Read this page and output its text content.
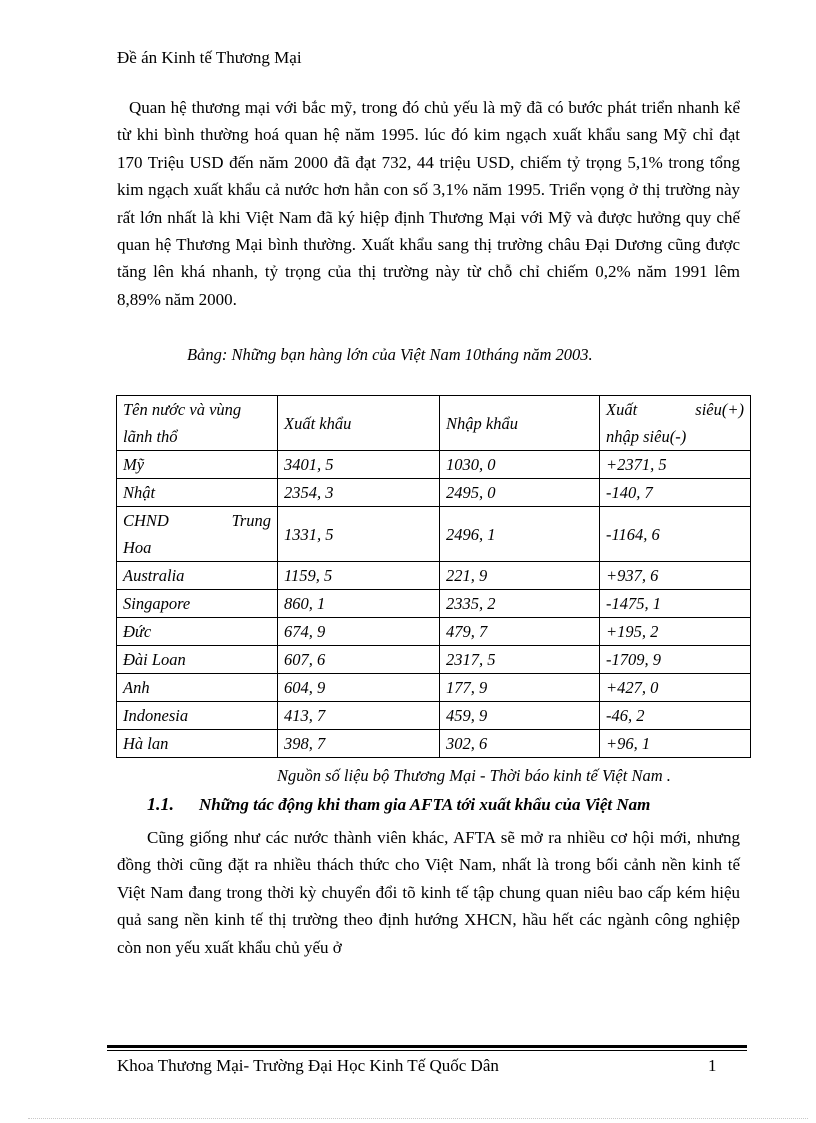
Đề án Kinh tế Thương Mại

Quan hệ thương mại với bắc mỹ, trong đó chủ yếu là mỹ đã có bước phát triển nhanh kể từ khi bình thường hoá quan hệ năm 1995. lúc đó kim ngạch xuất khẩu sang Mỹ chỉ đạt 170 Triệu USD đến năm 2000 đã đạt 732, 44 triệu USD, chiếm tỷ trọng 5,1% trong tổng kim ngạch xuất khẩu cả nước hơn hẳn con số 3,1% năm 1995. Triển vọng ở thị trường này rất lớn nhất là khi Việt Nam đã ký hiệp định Thương Mại với Mỹ và được hưởng quy chế quan hệ Thương Mại bình thường. Xuất khẩu sang thị trường châu Đại Dương cũng được tăng lên khá nhanh, tỷ trọng của thị trường này từ chỗ chỉ chiếm 0,2% năm 1991 lêm 8,89% năm 2000.

Bảng: Những bạn hàng lớn của Việt Nam 10tháng năm 2003.
Tên nước và vùng lãnh thổ	Xuất khẩu	Nhập khẩu	Xuất siêu(+)
nhập siêu(-)

Mỹ	3401, 5	1030, 0	+2371, 5
Nhật	2354, 3	2495, 0	-140, 7

CHND Trung
Hoa	1331, 5	2496, 1	-1164, 6
Australia	1159, 5	221, 9	+937, 6
Singapore	860, 1	2335, 2	-1475, 1
Đức	674, 9	479, 7	+195, 2
Đài Loan	607, 6	2317, 5	-1709, 9
Anh	604, 9	177, 9	+427, 0
Indonesia	413, 7	459, 9	-46, 2
Hà lan	398, 7	302, 6	+96, 1
Nguồn số liệu bộ Thương Mại - Thời báo kinh tế Việt Nam .
1.1. Những tác động khi tham gia AFTA tới xuất khẩu của Việt Nam

Cũng giống như các nước thành viên khác, AFTA sẽ mở ra nhiều cơ hội mới, nhưng đồng thời cũng đặt ra nhiều thách thức cho Việt Nam, nhất là trong bối cảnh nền kinh tế Việt Nam đang trong thời kỳ chuyển đổi tõ kinh tế tập chung quan niêu bao cấp kém hiệu quả sang nền kinh tế thị trường theo định hướng XHCN, hầu hết các ngành công nghiệp còn non yếu xuất khẩu chủ yếu ở

Khoa Thương Mại- Trường Đại Học Kinh Tế Quốc Dân	1
